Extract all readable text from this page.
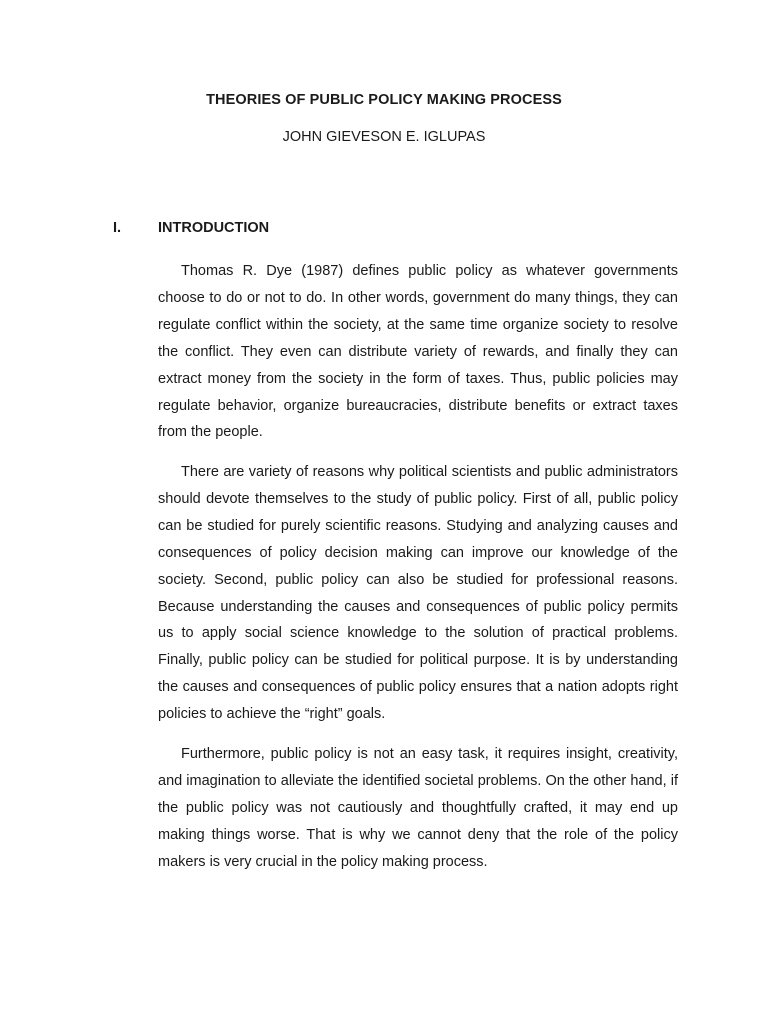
THEORIES OF PUBLIC POLICY MAKING PROCESS
JOHN GIEVESON E. IGLUPAS
I.	INTRODUCTION

Thomas R. Dye (1987) defines public policy as whatever governments choose to do or not to do. In other words, government do many things, they can regulate conflict within the society, at the same time organize society to resolve the conflict. They even can distribute variety of rewards, and finally they can extract money from the society in the form of taxes. Thus, public policies may regulate behavior, organize bureaucracies, distribute benefits or extract taxes from the people.

There are variety of reasons why political scientists and public administrators should devote themselves to the study of public policy. First of all, public policy can be studied for purely scientific reasons. Studying and analyzing causes and consequences of policy decision making can improve our knowledge of the society. Second, public policy can also be studied for professional reasons. Because understanding the causes and consequences of public policy permits us to apply social science knowledge to the solution of practical problems. Finally, public policy can be studied for political purpose. It is by understanding the causes and consequences of public policy ensures that a nation adopts right policies to achieve the “right” goals.

Furthermore, public policy is not an easy task, it requires insight, creativity, and imagination to alleviate the identified societal problems. On the other hand, if the public policy was not cautiously and thoughtfully crafted, it may end up making things worse. That is why we cannot deny that the role of the policy makers is very crucial in the policy making process.
